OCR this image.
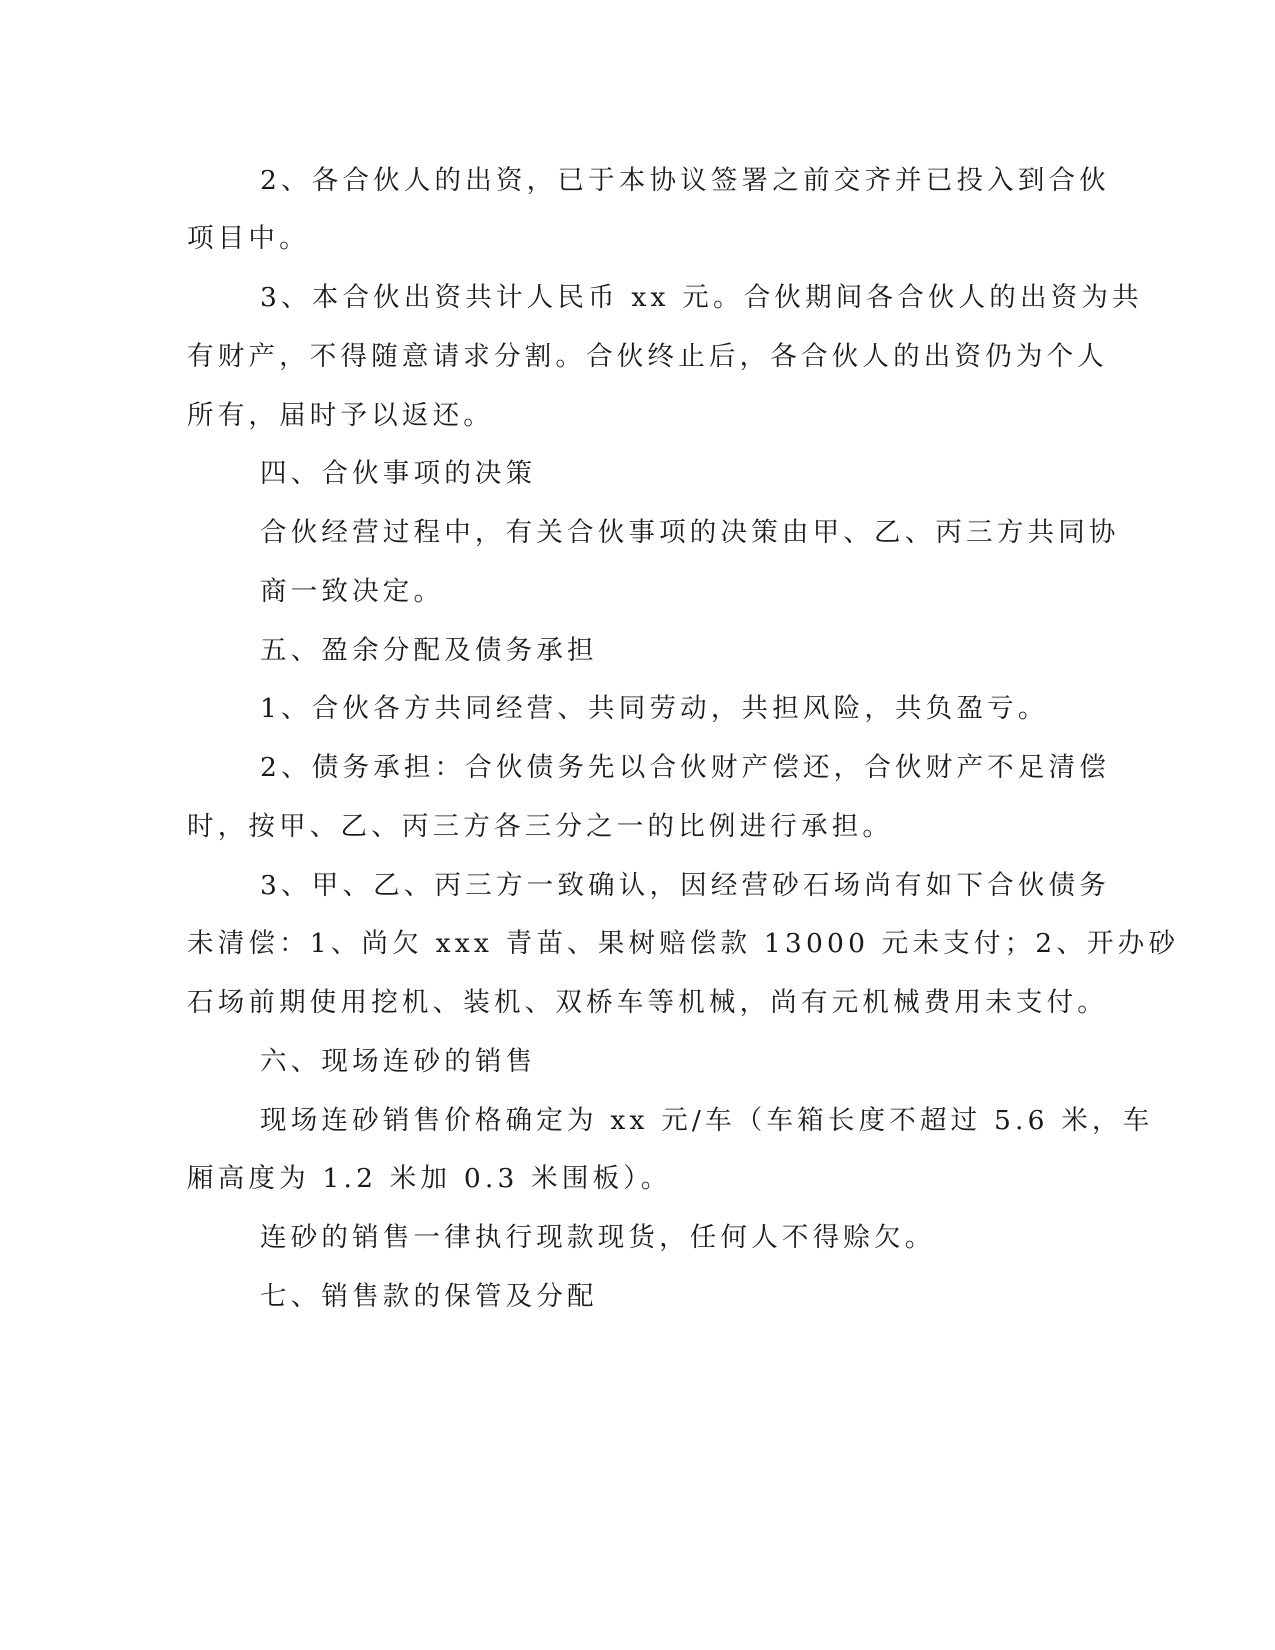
2、各合伙人的出资，已于本协议签署之前交齐并已投入到合伙
项目中。
3、本合伙出资共计人民币 xx 元。合伙期间各合伙人的出资为共
有财产，不得随意请求分割。合伙终止后，各合伙人的出资仍为个人
所有，届时予以返还。
四、合伙事项的决策
合伙经营过程中，有关合伙事项的决策由甲、乙、丙三方共同协
商一致决定。
五、盈余分配及债务承担
1、合伙各方共同经营、共同劳动，共担风险，共负盈亏。
2、债务承担：合伙债务先以合伙财产偿还，合伙财产不足清偿
时，按甲、乙、丙三方各三分之一的比例进行承担。
3、甲、乙、丙三方一致确认，因经营砂石场尚有如下合伙债务
未清偿：1、尚欠 xxx 青苗、果树赔偿款 13000 元未支付；2、开办砂
石场前期使用挖机、装机、双桥车等机械，尚有元机械费用未支付。
六、现场连砂的销售
现场连砂销售价格确定为 xx 元/车（车箱长度不超过 5.6 米，车
厢高度为 1.2 米加 0.3 米围板）。
连砂的销售一律执行现款现货，任何人不得赊欠。
七、销售款的保管及分配
